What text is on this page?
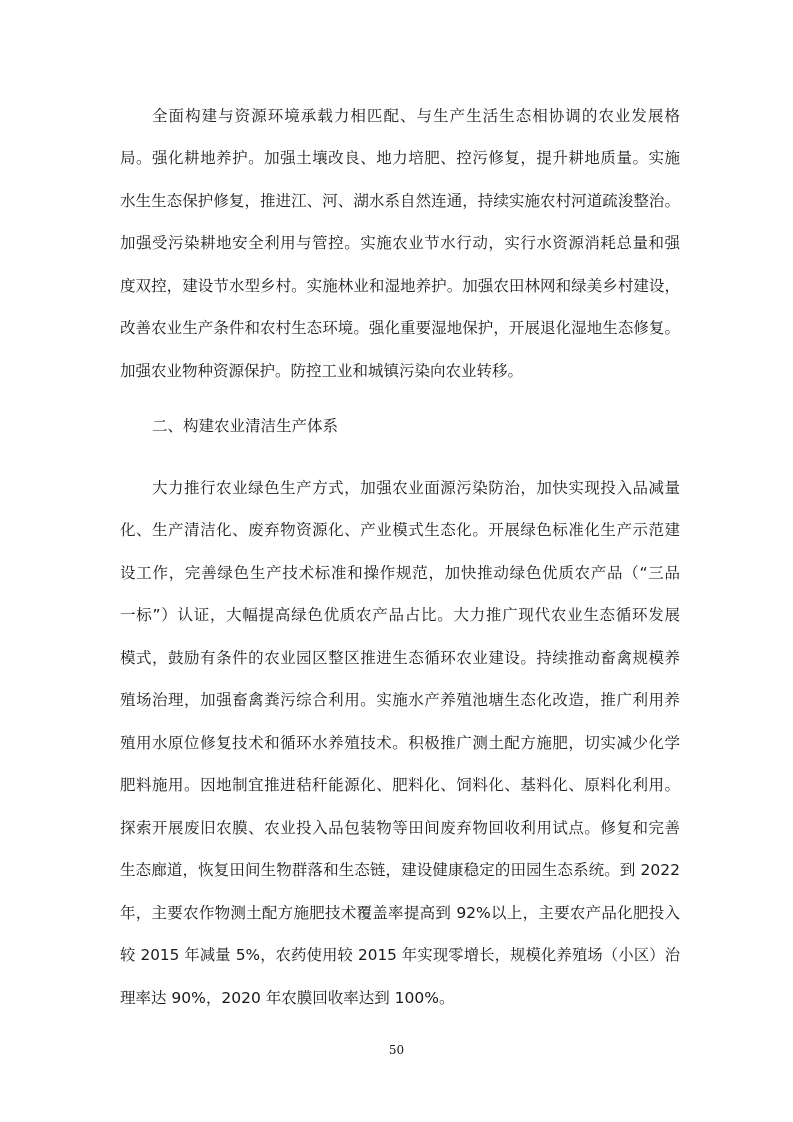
全面构建与资源环境承载力相匹配、与生产生活生态相协调的农业发展格
局。强化耕地养护。加强土壤改良、地力培肥、控污修复，提升耕地质量。实施
水生生态保护修复，推进江、河、湖水系自然连通，持续实施农村河道疏浚整治。
加强受污染耕地安全利用与管控。实施农业节水行动，实行水资源消耗总量和强
度双控，建设节水型乡村。实施林业和湿地养护。加强农田林网和绿美乡村建设，
改善农业生产条件和农村生态环境。强化重要湿地保护，开展退化湿地生态修复。
加强农业物种资源保护。防控工业和城镇污染向农业转移。
二、构建农业清洁生产体系
大力推行农业绿色生产方式，加强农业面源污染防治，加快实现投入品减量
化、生产清洁化、废弃物资源化、产业模式生态化。开展绿色标准化生产示范建
设工作，完善绿色生产技术标准和操作规范，加快推动绿色优质农产品（“三品
一标”）认证，大幅提高绿色优质农产品占比。大力推广现代农业生态循环发展
模式，鼓励有条件的农业园区整区推进生态循环农业建设。持续推动畜禽规模养
殖场治理，加强畜禽粪污综合利用。实施水产养殖池塘生态化改造，推广利用养
殖用水原位修复技术和循环水养殖技术。积极推广测土配方施肥，切实减少化学
肥料施用。因地制宜推进秸秆能源化、肥料化、饲料化、基料化、原料化利用。
探索开展废旧农膜、农业投入品包装物等田间废弃物回收利用试点。修复和完善
生态廊道，恢复田间生物群落和生态链，建设健康稳定的田园生态系统。到 2022
年，主要农作物测土配方施肥技术覆盖率提高到 92%以上，主要农产品化肥投入
较 2015 年减量 5%，农药使用较 2015 年实现零增长，规模化养殖场（小区）治
理率达 90%，2020 年农膜回收率达到 100%。
50
